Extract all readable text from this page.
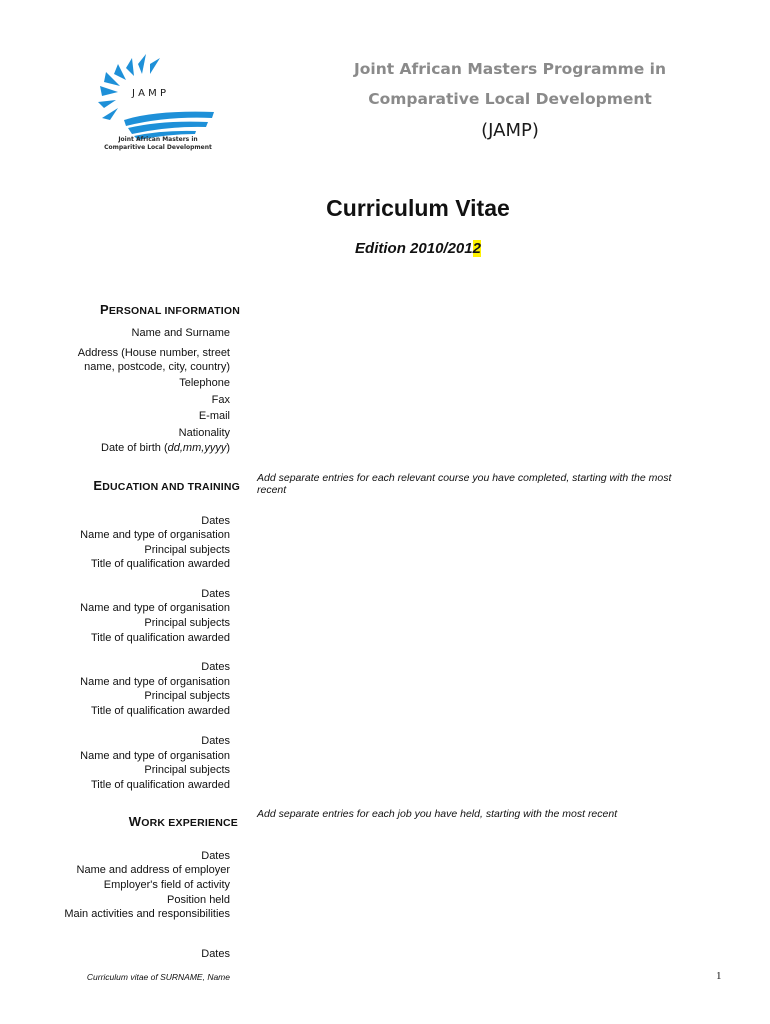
J A M P
Joint African Masters in
Comparitive Local Development
Joint African Masters Programme in
Comparative Local Development
(JAMP)
Curriculum Vitae
Edition 2010/2012
PERSONAL INFORMATION
Name and Surname
Address (House number, street
name, postcode, city, country)
Telephone
Fax
E-mail
Nationality
Date of birth (dd,mm,yyyy)
EDUCATION AND TRAINING
Add separate entries for each relevant course you have completed, starting with the most
recent
Dates
Name and type of organisation
Principal subjects
Title of qualification awarded
Dates
Name and type of organisation
Principal subjects
Title of qualification awarded
Dates
Name and type of organisation
Principal subjects
Title of qualification awarded
Dates
Name and type of organisation
Principal subjects
Title of qualification awarded
WORK EXPERIENCE
Add separate entries for each job you have held, starting with the most recent
Dates
Name and address of employer
Employer's field of activity
Position held
Main activities and responsibilities
Dates
Curriculum vitae of SURNAME, Name	1
